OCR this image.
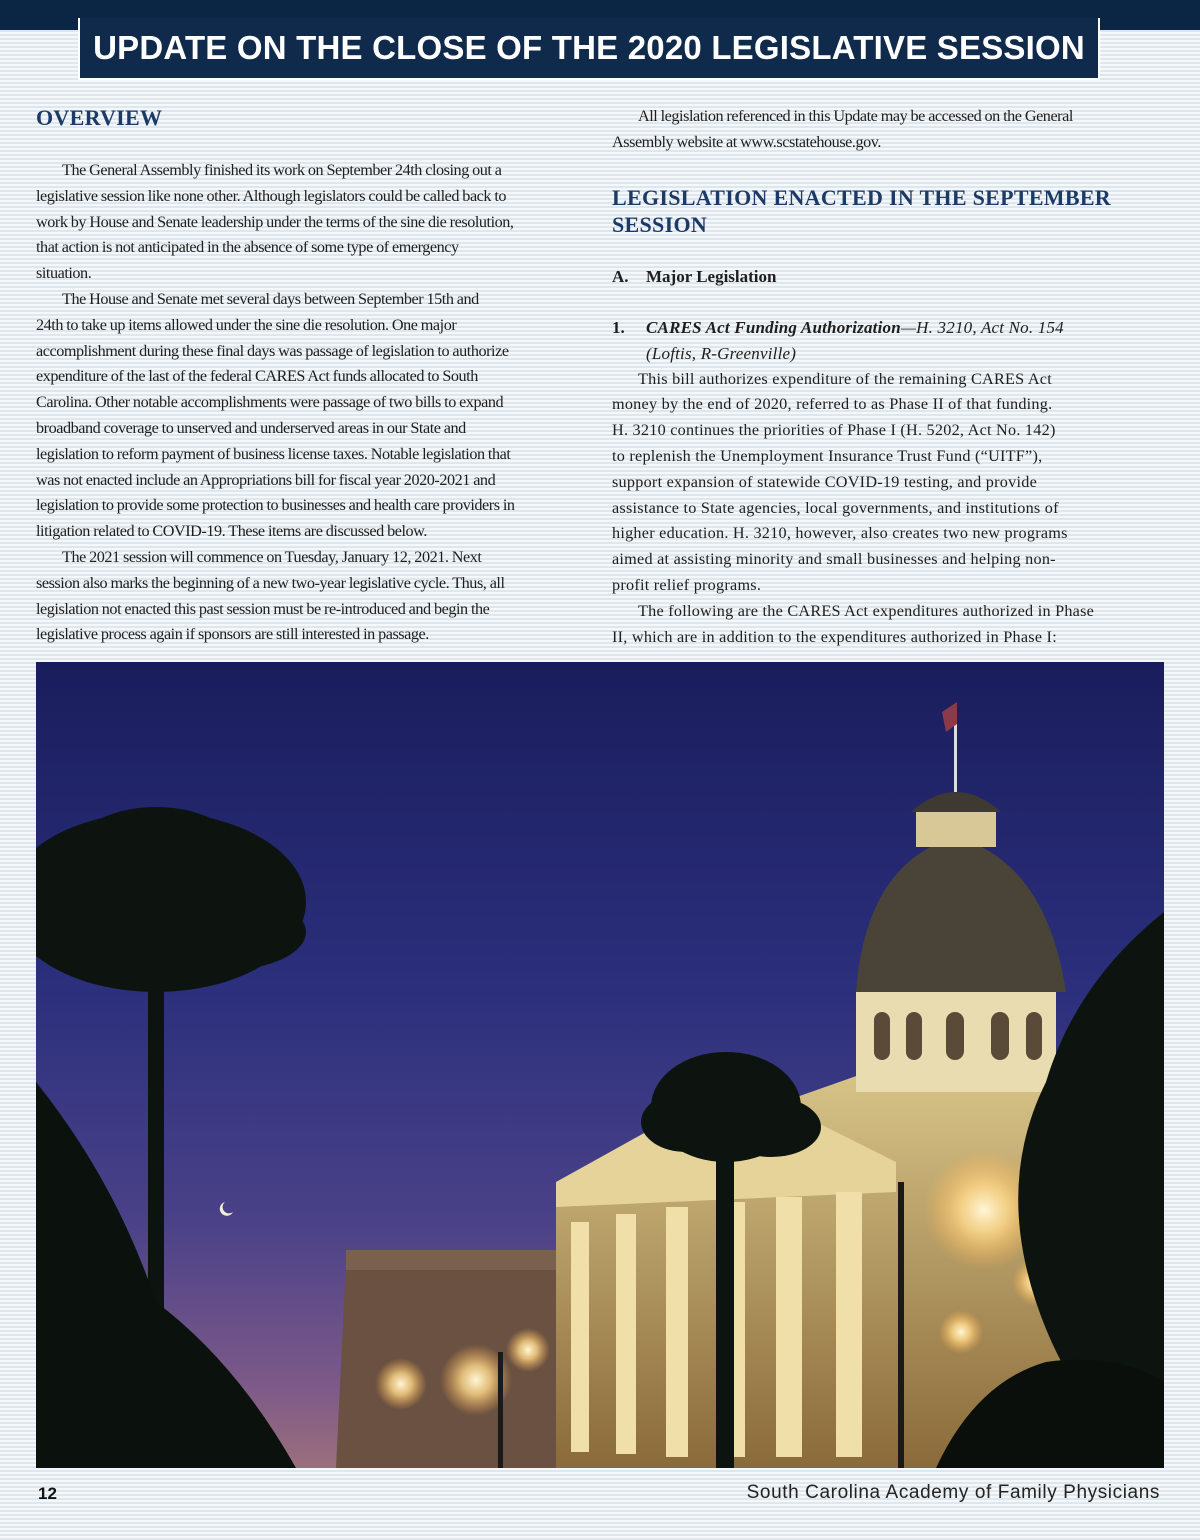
UPDATE ON THE CLOSE OF THE 2020 LEGISLATIVE SESSION
OVERVIEW

The General Assembly finished its work on September 24th closing out a

legislative session like none other. Although legislators could be called back to

work by House and Senate leadership under the terms of the sine die resolution,

that action is not anticipated in the absence of some type of emergency

situation.

The House and Senate met several days between September 15th and

24th to take up items allowed under the sine die resolution. One major

accomplishment during these final days was passage of legislation to authorize

expenditure of the last of the federal CARES Act funds allocated to South

Carolina. Other notable accomplishments were passage of two bills to expand

broadband coverage to unserved and underserved areas in our State and

legislation to reform payment of business license taxes. Notable legislation that

was not enacted include an Appropriations bill for fiscal year 2020-2021 and

legislation to provide some protection to businesses and health care providers in

litigation related to COVID-19. These items are discussed below.

The 2021 session will commence on Tuesday, January 12, 2021. Next

session also marks the beginning of a new two-year legislative cycle. Thus, all

legislation not enacted this past session must be re-introduced and begin the

legislative process again if sponsors are still interested in passage.

All legislation referenced in this Update may be accessed on the General

Assembly website at www.scstatehouse.gov.

LEGISLATION ENACTED IN THE SEPTEMBER
SESSION
A.	Major Legislation
1.	CARES Act Funding Authorization—H. 3210, Act No. 154
(Loftis, R-Greenville)

This bill authorizes expenditure of the remaining CARES Act

money by the end of 2020, referred to as Phase II of that funding.

H. 3210 continues the priorities of Phase I (H. 5202, Act No. 142)

to replenish the Unemployment Insurance Trust Fund (“UITF”),

support expansion of statewide COVID-19 testing, and provide

assistance to State agencies, local governments, and institutions of

higher education. H. 3210, however, also creates two new programs

aimed at assisting minority and small businesses and helping non-

profit relief programs.

The following are the CARES Act expenditures authorized in Phase

II, which are in addition to the expenditures authorized in Phase I:

12	South Carolina Academy of Family Physicians
